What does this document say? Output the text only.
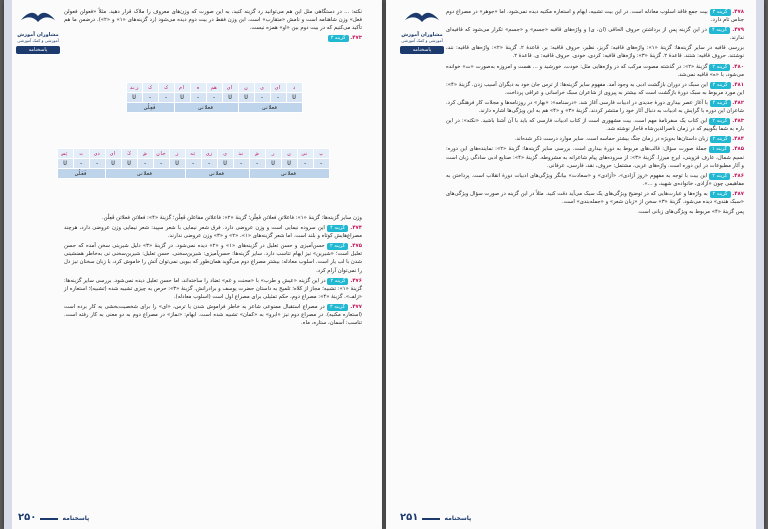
مشاوران آموزش
آموزشی و کمک آموزشی
پاسخنامه

نکته: ... در دستگاهی مثل این هم می‌توانید رد گزینه کنید، به این صورت که وزن‌های معروف را ملاک قرار دهید. مثلاً «فعولن فعولن فعل» وزن شاهنامه است و نامش «متقارب» است. این وزن فقط در بیت دوم دیده می‌شود (رد گزینه‌های «۱» و «۲»). درضمن ما هم تأکید می‌کنیم که در بیت دوم بین «او» همزه نیست.

۴۷۳. گزینه ۳

زند	ک	ک	ام	ه	هم	ای	ن	ی	ای	د
U	-	-	U	-	-	U	U	-	-	U
فَعِلُن			فعلاتن				فعلاتن			
پَس	ت	دی	ای	کَ	ش	جان	ز	بَه	زی	ی	ند	ش	ر	ن	نی	پ
U	-	-	U	U	-	-	U	-	-	U	-	-	U	U	-	-
فَعَلُن			فعلاتن					فعلاتن				فعلاتن				

وزن سایر گزینه‌ها: گزینهٔ «۱»: فاعلاتن فعلاتن فَعِلُن؛ گزینهٔ «۲»: فاعلاتن مفاعلن فَعِلُن؛ گزینهٔ «۴»: فعلاتن فعلاتن فَعِلُن.

۴۷۴. گزینه ۴ این سروده نیمایی است و وزن عروضی دارد. فرق شعر نیمایی با شعر سپید: شعر نیمایی وزن عروضی دارد، هرچند مصراع‌هایش کوتاه و بلند است. اما شعر گزینه‌های «۱»، «۲» و «۳» وزن عروضی ندارند.

۴۷۵. گزینه ۲ حسن‌آمیزی و حسن تعلیل در گزینه‌های «۱» و «۲» دیده نمی‌شود. در گزینهٔ «۳» دلیل شیرینی سخن آمده که حسن تعلیل است؛ «شیرین» نیز ایهام تناسب دارد. سایر گزینه‌ها: حسن‌آمیزی: شیرین‌سخنی. حسن تعلیل: شیرین‌سخنی نی به‌خاطر همنشینی شدن با لب یار است. اسلوب معادله: بیشتر مصراع دوم می‌گوید همان‌طور که ببویی نمی‌توان آتش را خاموش کرد، با زبان سخنان نیز دل را نمی‌توان آرام کرد.

۴۷۶. گزینه ۲ در این گزینه «عیش و طرب» با «محنت و غم» تضاد را ساخته‌اند، اما حسن تعلیل دیده نمی‌شود. بررسی سایر گزینه‌ها: گزینهٔ «۱»: تشبیه؛ مجاز از کلاه؛ تلمیح به داستان حضرت یوسف و برادرانش. گزینهٔ «۳»: حرص به چیزی تشبیه شده (تشبیه)؛ استعاره از «زلف». گزینهٔ «۴»: مصراع دوم، حکم تمثیلی برای مصراع اول است (اسلوب معادله).

۴۷۷. گزینه ۳ در مصراع استقبال ممنوعی شاعر به خاطر فراموش شدن یا ترس، «ای» را برای شخصیت‌بخشی به کار برده است (استعاره مکنیه). در مصراع دوم نیز «ابرو» به «کمان» تشبیه شده است. ایهام: «نماز» در مصراع دوم به دو معنی به کار رفته است. تناسب: آسمان، ستاره، ماه.

پاسخنامه  ۲۵۰
مشاوران آموزش
آموزشی و کمک آموزشی
پاسخنامه

۴۷۸. گزینه ۳ بیت جمع فاقد اسلوب معادله است. در این بیت تشبیه، ایهام و استعاره مکنیه دیده نمی‌شود. اما «جوهر» در مصراع دوم جناس تام دارد.

۴۷۹. گزینه ۴ در این گزینه پس از برداشتن حروف الحاقی (ان، ی) و واژه‌های قافیه «جسم» و «جسم» تکرار می‌شود که قافیه‌ای ندارند.

بررسی قافیه در سایر گزینه‌ها: گزینهٔ «۱»: واژه‌های قافیه: گریز، نظیر، حروف قافیه: یر. قاعدهٔ ۲. گزینهٔ «۲»: واژه‌های قافیه: نند، نوشتند. حروف قافیه: شتند. قاعدهٔ ۲. گزینهٔ «۳»: واژه‌های قافیه: کردی، خودی. حروف قافیه: ی. قاعدهٔ ۲.

۴۸۰. گزینه ۲ گزینهٔ «۲»: در گذشته مصوت مرکب که در واژه‌هایی مثل: خودت، خورشید و ... هست و امروزه به‌صورت «ت» خوانده می‌شود، با «ه» قافیه نمی‌شد.

۴۸۱. گزینه ۴ این سبک در دوران بازگشت ادبی به وجود آمد. مفهوم سایر گزینه‌ها: از ترس جان خود به دیگران آسیب زدن. گزینهٔ «۴»: این مورد مربوط به سبک دورهٔ بازگشت است که بیشتر به پیروی از شاعران سبک خراسانی و عراقی پرداخت.

۴۸۲. گزینه ۴ با آغاز عصر بیداری دورهٔ جدیدی در ادبیات فارسی آغاز شد. «درسنامه»: «بهار» در روزنامه‌ها و مجلات کار فرهنگی کرد. شاعران این دوره با گرایش به ادبیات به دنبال آثار خود را منتشر کردند. گزینهٔ «۳» و «۴» هم به این ویژگی‌ها اشاره دارند.

۴۸۳. گزینه ۲ این کتاب یک سفرنامهٔ مهم است. بیت مشهوری است از کتاب ادبیات فارسی که باید با آن آشنا باشید. «نکته»: در این باره به شما بگوییم که در زمان ناصرالدین‌شاه قاجار نوشته شد.

۴۸۴. گزینه ۲ زبان داستان‌ها به‌ویژه در زمان جنگ بیشتر حماسه است. سایر موارد درست ذکر شده‌اند.

۴۸۵. گزینه ۱ جملهٔ صورت سؤال: قالب‌های مربوط به دورهٔ بیداری است. بررسی سایر گزینه‌ها: گزینهٔ «۲»: نماینده‌های این دوره: نسیم شمال، عارف قزوینی، ایرج میرزا. گزینهٔ «۳»: از سروده‌های پیام شاعرانه به مشروطه. گزینهٔ «۴»: صنایع ادبی سادگی زبان است و آثار مطبوعات در این دوره است. واژه‌های عربی، مشتمل: حروف، نقد، فارسی، عرفانی.

۴۸۶. گزینه ۲ این بیت با توجه به مفهوم «روز آزادی»، «آزادی» و «سعادت» بیانگر ویژگی‌های ادبیات دورهٔ انقلاب است. پرداختن به مفاهیمی چون «آزادی، خانواده‌ی شهید، و ...».

۴۸۷. گزینه ۲ به واژه‌ها و عبارت‌هایی که در توضیح ویژگی‌های یک سبک می‌آید دقت کنید. مثلاً در این گزینه در صورت سؤال ویژگی‌های «سبک هندی» دیده می‌شود. گزینهٔ «۳» سخن از «زبان شعر» و «جمله‌بندی» است.

پس گزینهٔ «۴» مربوط به ویژگی‌های زبانی است.

۲۵۱	پاسخنامه
